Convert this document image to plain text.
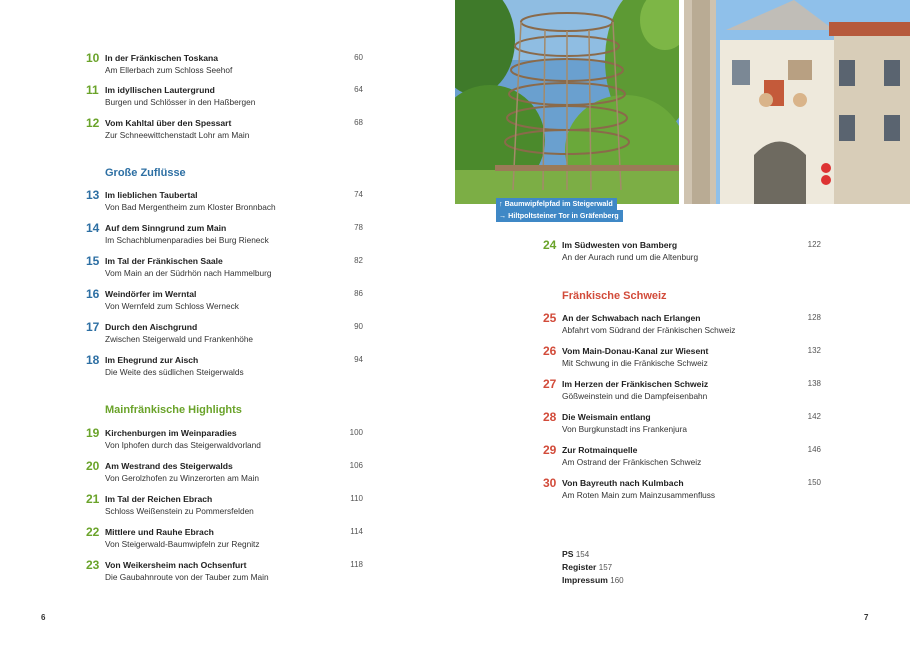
10 In der Fränkischen Toskana
Am Ellerbach zum Schloss Seehof
60
11 Im idyllischen Lautergrund
Burgen und Schlösser in den Haßbergen
64
12 Vom Kahltal über den Spessart
Zur Schneewittchenstadt Lohr am Main
68
Große Zuflüsse
13 Im lieblichen Taubertal
Von Bad Mergentheim zum Kloster Bronnbach
74
14 Auf dem Sinngrund zum Main
Im Schachblumenparadies bei Burg Rieneck
78
15 Im Tal der Fränkischen Saale
Vom Main an der Südrhön nach Hammelburg
82
16 Weindörfer im Werntal
Von Wernfeld zum Schloss Werneck
86
17 Durch den Aischgrund
Zwischen Steigerwald und Frankenhöhe
90
18 Im Ehegrund zur Aisch
Die Weite des südlichen Steigerwalds
94
Mainfränkische Highlights
19 Kirchenburgen im Weinparadies
Von Iphofen durch das Steigerwaldvorland
100
20 Am Westrand des Steigerwalds
Von Gerolzhofen zu Winzerorten am Main
106
21 Im Tal der Reichen Ebrach
Schloss Weißenstein zu Pommersfelden
110
22 Mittlere und Rauhe Ebrach
Von Steigerwald-Baumwipfeln zur Regnitz
114
23 Von Weikersheim nach Ochsenfurt
Die Gaubahnroute von der Tauber zum Main
118
6
↑ Baumwipfelpfad im Steigerwald
→ Hiltpoltsteiner Tor in Gräfenberg
24 Im Südwesten von Bamberg
An der Aurach rund um die Altenburg
122
Fränkische Schweiz
25 An der Schwabach nach Erlangen
Abfahrt vom Südrand der Fränkischen Schweiz
128
26 Vom Main-Donau-Kanal zur Wiesent
Mit Schwung in die Fränkische Schweiz
132
27 Im Herzen der Fränkischen Schweiz
Gößweinstein und die Dampfeisenbahn
138
28 Die Weismain entlang
Von Burgkunstadt ins Frankenjura
142
29 Zur Rotmainquelle
Am Ostrand der Fränkischen Schweiz
146
30 Von Bayreuth nach Kulmbach
Am Roten Main zum Mainzusammenfluss
150
PS 154
Register 157
Impressum 160
7
